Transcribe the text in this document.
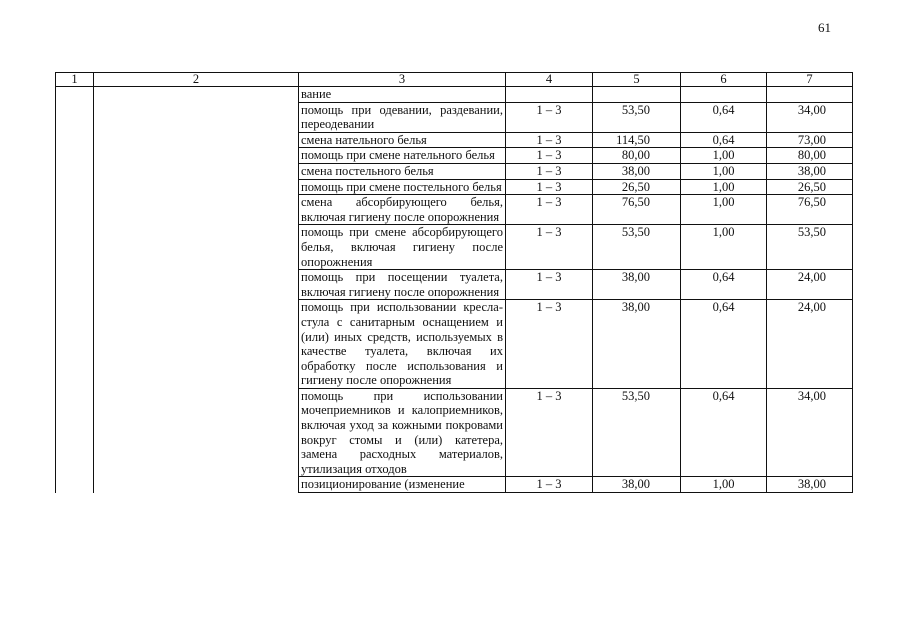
61
1	2	3	4	5	6	7
		вание				
		помощь при одевании, раздевании, переодевании	1 – 3	53,50	0,64	34,00
		смена нательного белья	1 – 3	114,50	0,64	73,00
		помощь при смене нательного белья	1 – 3	80,00	1,00	80,00
		смена постельного белья	1 – 3	38,00	1,00	38,00
		помощь при смене постельного белья	1 – 3	26,50	1,00	26,50
		смена абсорбирующего белья, включая гигиену после опорожнения	1 – 3	76,50	1,00	76,50
		помощь при смене абсорбирующего белья, включая гигиену после опорожнения	1 – 3	53,50	1,00	53,50
		помощь при посещении туалета, включая гигиену после опорожнения	1 – 3	38,00	0,64	24,00
		помощь при использовании кресла-стула с санитарным оснащением и (или) иных средств, используемых в качестве туалета, включая их обработку после использования и гигиену после опорожнения	1 – 3	38,00	0,64	24,00
		помощь при использовании мочеприемников и калоприемников, включая уход за кожными покровами вокруг стомы и (или) катетера, замена расходных материалов, утилизация отходов	1 – 3	53,50	0,64	34,00
		позиционирование (изменение	1 – 3	38,00	1,00	38,00
